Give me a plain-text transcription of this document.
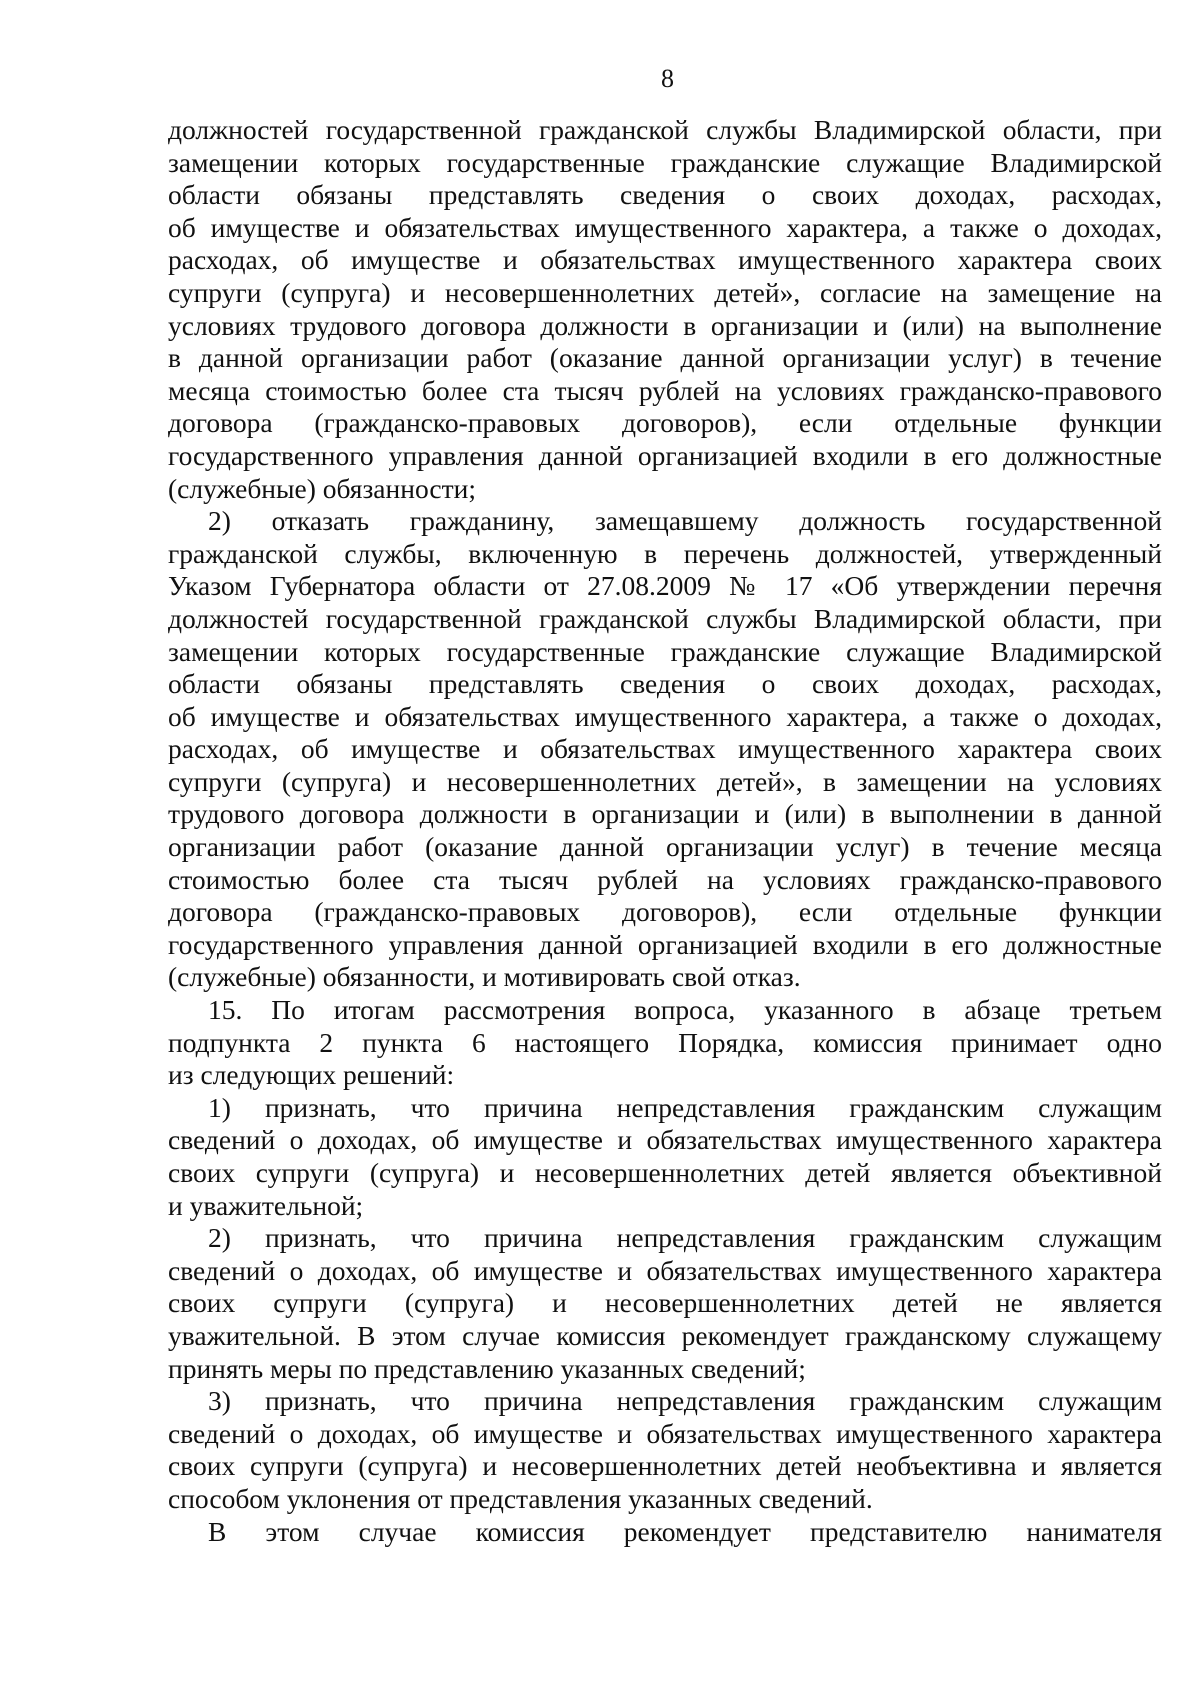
8
должностей государственной гражданской службы Владимирской области, при
замещении которых государственные гражданские служащие Владимирской
области обязаны представлять сведения о своих доходах, расходах,
об имуществе и обязательствах имущественного характера, а также о доходах,
расходах, об имуществе и обязательствах имущественного характера своих
супруги (супруга) и несовершеннолетних детей», согласие на замещение на
условиях трудового договора должности в организации и (или) на выполнение
в данной организации работ (оказание данной организации услуг) в течение
месяца стоимостью более ста тысяч рублей на условиях гражданско-правового
договора (гражданско-правовых договоров), если отдельные функции
государственного управления данной организацией входили в его должностные
(служебные) обязанности;
2) отказать гражданину, замещавшему должность государственной
гражданской службы, включенную в перечень должностей, утвержденный
Указом Губернатора области от 27.08.2009 № 17 «Об утверждении перечня
должностей государственной гражданской службы Владимирской области, при
замещении которых государственные гражданские служащие Владимирской
области обязаны представлять сведения о своих доходах, расходах,
об имуществе и обязательствах имущественного характера, а также о доходах,
расходах, об имуществе и обязательствах имущественного характера своих
супруги (супруга) и несовершеннолетних детей», в замещении на условиях
трудового договора должности в организации и (или) в выполнении в данной
организации работ (оказание данной организации услуг) в течение месяца
стоимостью более ста тысяч рублей на условиях гражданско-правового
договора (гражданско-правовых договоров), если отдельные функции
государственного управления данной организацией входили в его должностные
(служебные) обязанности, и мотивировать свой отказ.
15. По итогам рассмотрения вопроса, указанного в абзаце третьем
подпункта 2 пункта 6 настоящего Порядка, комиссия принимает одно
из следующих решений:
1) признать, что причина непредставления гражданским служащим
сведений о доходах, об имуществе и обязательствах имущественного характера
своих супруги (супруга) и несовершеннолетних детей является объективной
и уважительной;
2) признать, что причина непредставления гражданским служащим
сведений о доходах, об имуществе и обязательствах имущественного характера
своих супруги (супруга) и несовершеннолетних детей не является
уважительной. В этом случае комиссия рекомендует гражданскому служащему
принять меры по представлению указанных сведений;
3) признать, что причина непредставления гражданским служащим
сведений о доходах, об имуществе и обязательствах имущественного характера
своих супруги (супруга) и несовершеннолетних детей необъективна и является
способом уклонения от представления указанных сведений.
В этом случае комиссия рекомендует представителю нанимателя
